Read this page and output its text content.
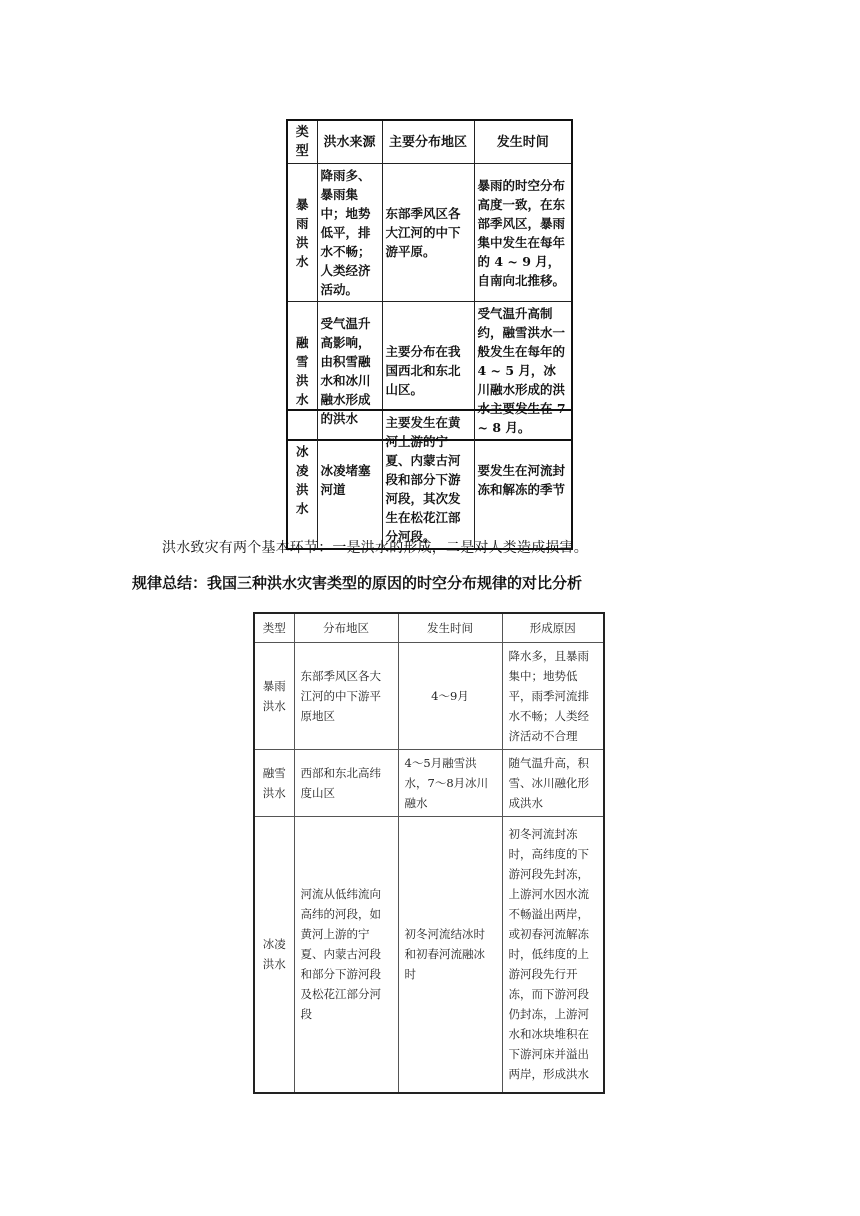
类型	洪水来源	主要分布地区	发生时间
暴雨洪水	降雨多、暴雨集中；地势低平，排水不畅；人类经济活动。	东部季风区各大江河的中下游平原。	暴雨的时空分布高度一致，在东部季风区，暴雨集中发生在每年的 4 ~ 9 月，自南向北推移。
融雪洪水	受气温升高影响，由积雪融水和冰川融水形成的洪水	主要分布在我国西北和东北山区。	受气温升高制约，融雪洪水一般发生在每年的 4 ~ 5 月，冰川融水形成的洪水主要发生在 7 ~ 8 月。
冰凌洪水	冰凌堵塞河道	主要发生在黄河上游的宁夏、内蒙古河段和部分下游河段，其次发生在松花江部分河段。	要发生在河流封冻和解冻的季节
洪水致灾有两个基本环节：一是洪水的形成，二是对人类造成损害。
规律总结：我国三种洪水灾害类型的原因的时空分布规律的对比分析
类型	分布地区	发生时间	形成原因
暴雨洪水	东部季风区各大江河的中下游平原地区	4～9月	降水多，且暴雨集中；地势低平，雨季河流排水不畅；人类经济活动不合理
融雪洪水	西部和东北高纬度山区	4～5月融雪洪水，7～8月冰川融水	随气温升高，积雪、冰川融化形成洪水
冰凌洪水	河流从低纬流向高纬的河段，如黄河上游的宁夏、内蒙古河段和部分下游河段及松花江部分河段	初冬河流结冰时和初春河流融冰时	初冬河流封冻时，高纬度的下游河段先封冻，上游河水因水流不畅溢出两岸，或初春河流解冻时，低纬度的上游河段先行开冻，而下游河段仍封冻，上游河水和冰块堆积在下游河床并溢出两岸，形成洪水
